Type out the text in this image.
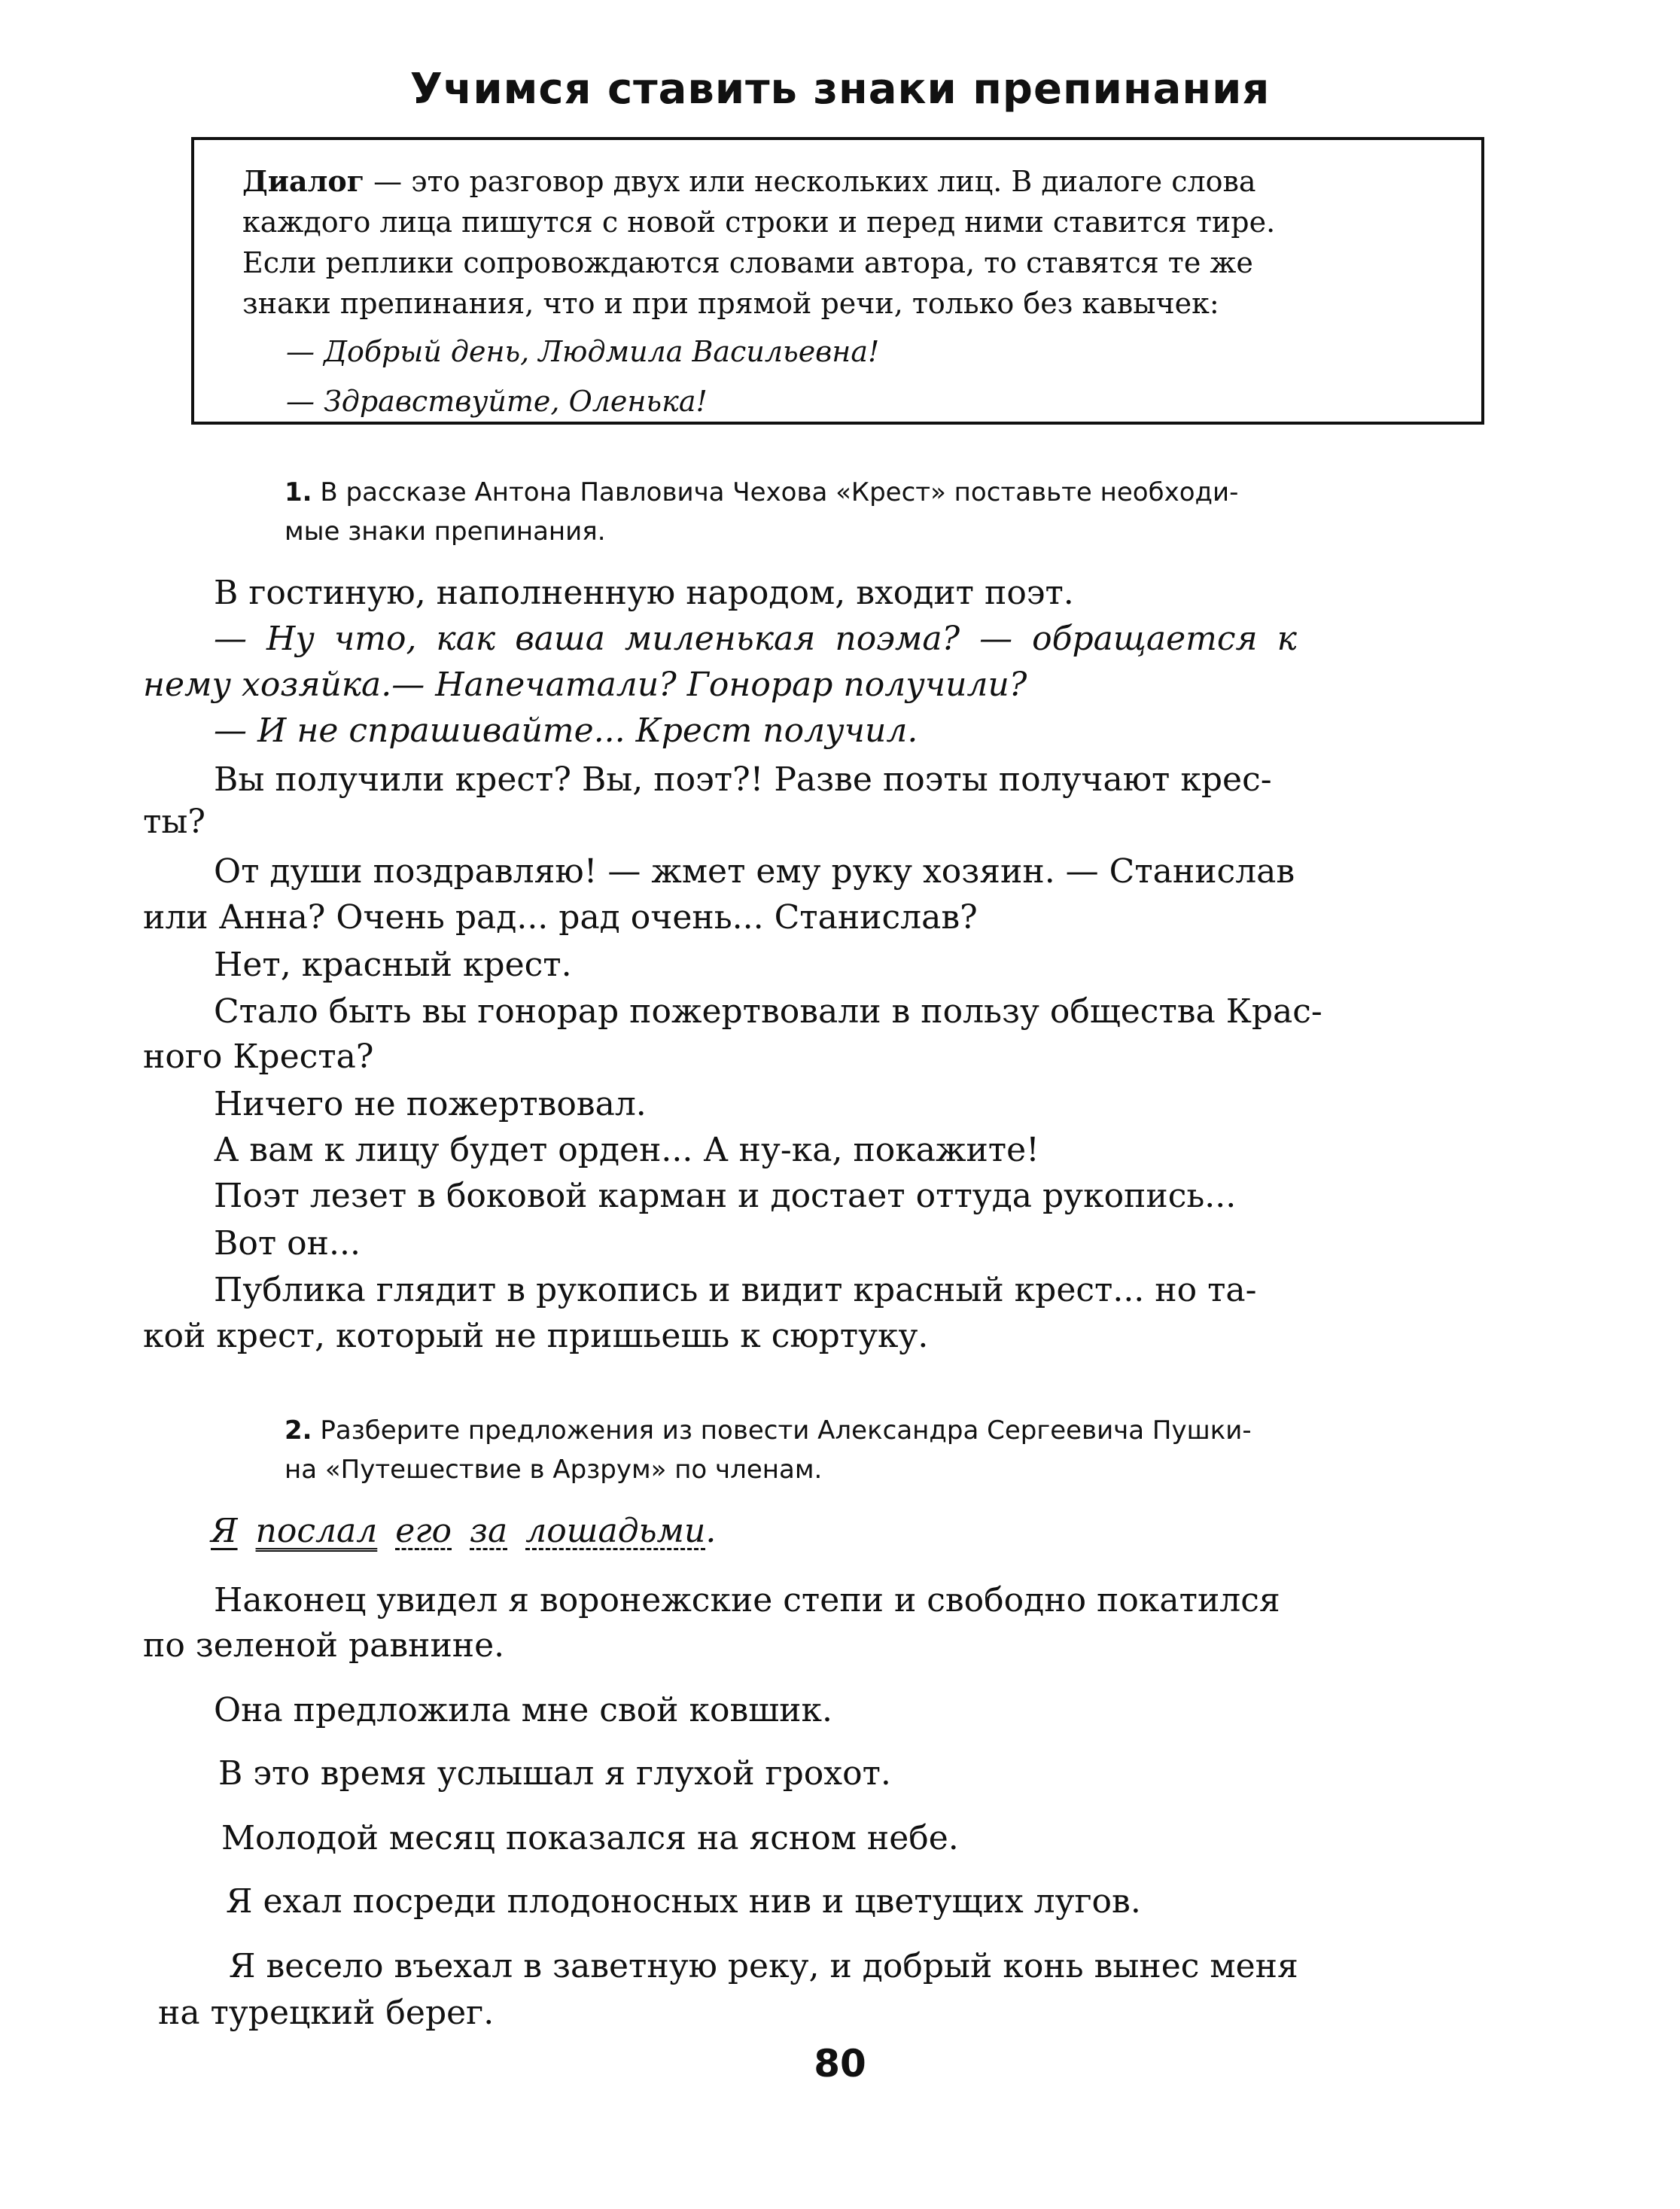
Учимся ставить знаки препинания
Диалог — это разговор двух или нескольких лиц. В диалоге слова
каждого лица пишутся с новой строки и перед ними ставится тире.
Если реплики сопровождаются словами автора, то ставятся те же
знаки препинания, что и при прямой речи, только без кавычек:
— Добрый день, Людмила Васильевна!
— Здравствуйте, Оленька!
1. В рассказе Антона Павловича Чехова «Крест» поставьте необходи-
мые знаки препинания.
В гостиную, наполненную народом, входит поэт.
— Ну что, как ваша миленькая поэма? — обращается к
нему хозяйка.— Напечатали? Гонорар получили?
— И не спрашивайте... Крест получил.
Вы получили крест? Вы, поэт?! Разве поэты получают крес-
ты?
От души поздравляю! — жмет ему руку хозяин. — Станислав
или Анна? Очень рад... рад очень... Станислав?
Нет, красный крест.
Стало быть вы гонорар пожертвовали в пользу общества Крас-
ного Креста?
Ничего не пожертвовал.
А вам к лицу будет орден... А ну-ка, покажите!
Поэт лезет в боковой карман и достает оттуда рукопись...
Вот он...
Публика глядит в рукопись и видит красный крест... но та-
кой крест, который не пришьешь к сюртуку.
2. Разберите предложения из повести Александра Сергеевича Пушки-
на «Путешествие в Арзрум» по членам.
Я послал его за лошадьми.
Наконец увидел я воронежские степи и свободно покатился
по зеленой равнине.
Она предложила мне свой ковшик.
В это время услышал я глухой грохот.
Молодой месяц показался на ясном небе.
Я ехал посреди плодоносных нив и цветущих лугов.
Я весело въехал в заветную реку, и добрый конь вынес меня
на турецкий берег.
80
